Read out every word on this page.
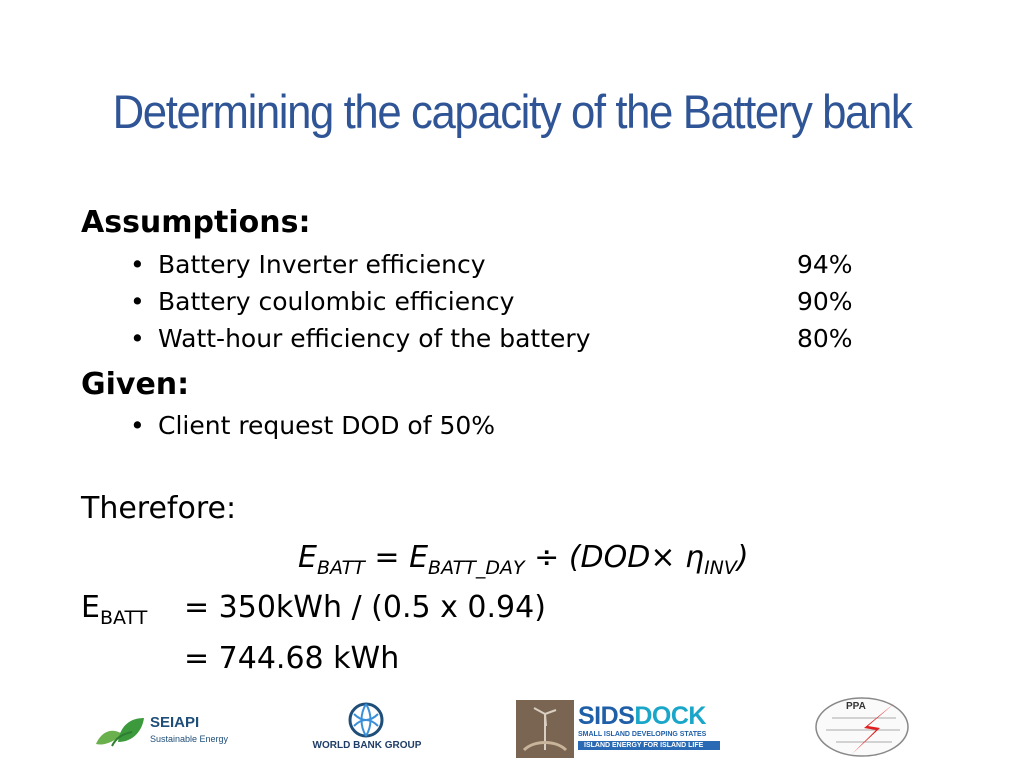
Determining the capacity of the Battery bank
Assumptions:
• Battery Inverter efficiency	94%
• Battery coulombic efficiency	90%
• Watt-hour efficiency of the battery	80%
Given:
• Client request DOD of 50%
Therefore:
$E_{BATT} = E_{BATT\_DAY} \div (DOD\times \eta_{INV})$
$E_{BATT} = 350kWh / (0.5$ x 0.94)
= 744.68 kWh
SEIAPI
Sustainable Energy
WORLD BANK GROUP
SIDSDOCK
SMALL ISLAND DEVELOPING STATES
ISLAND ENERGY FOR ISLAND LIFE
PPA
